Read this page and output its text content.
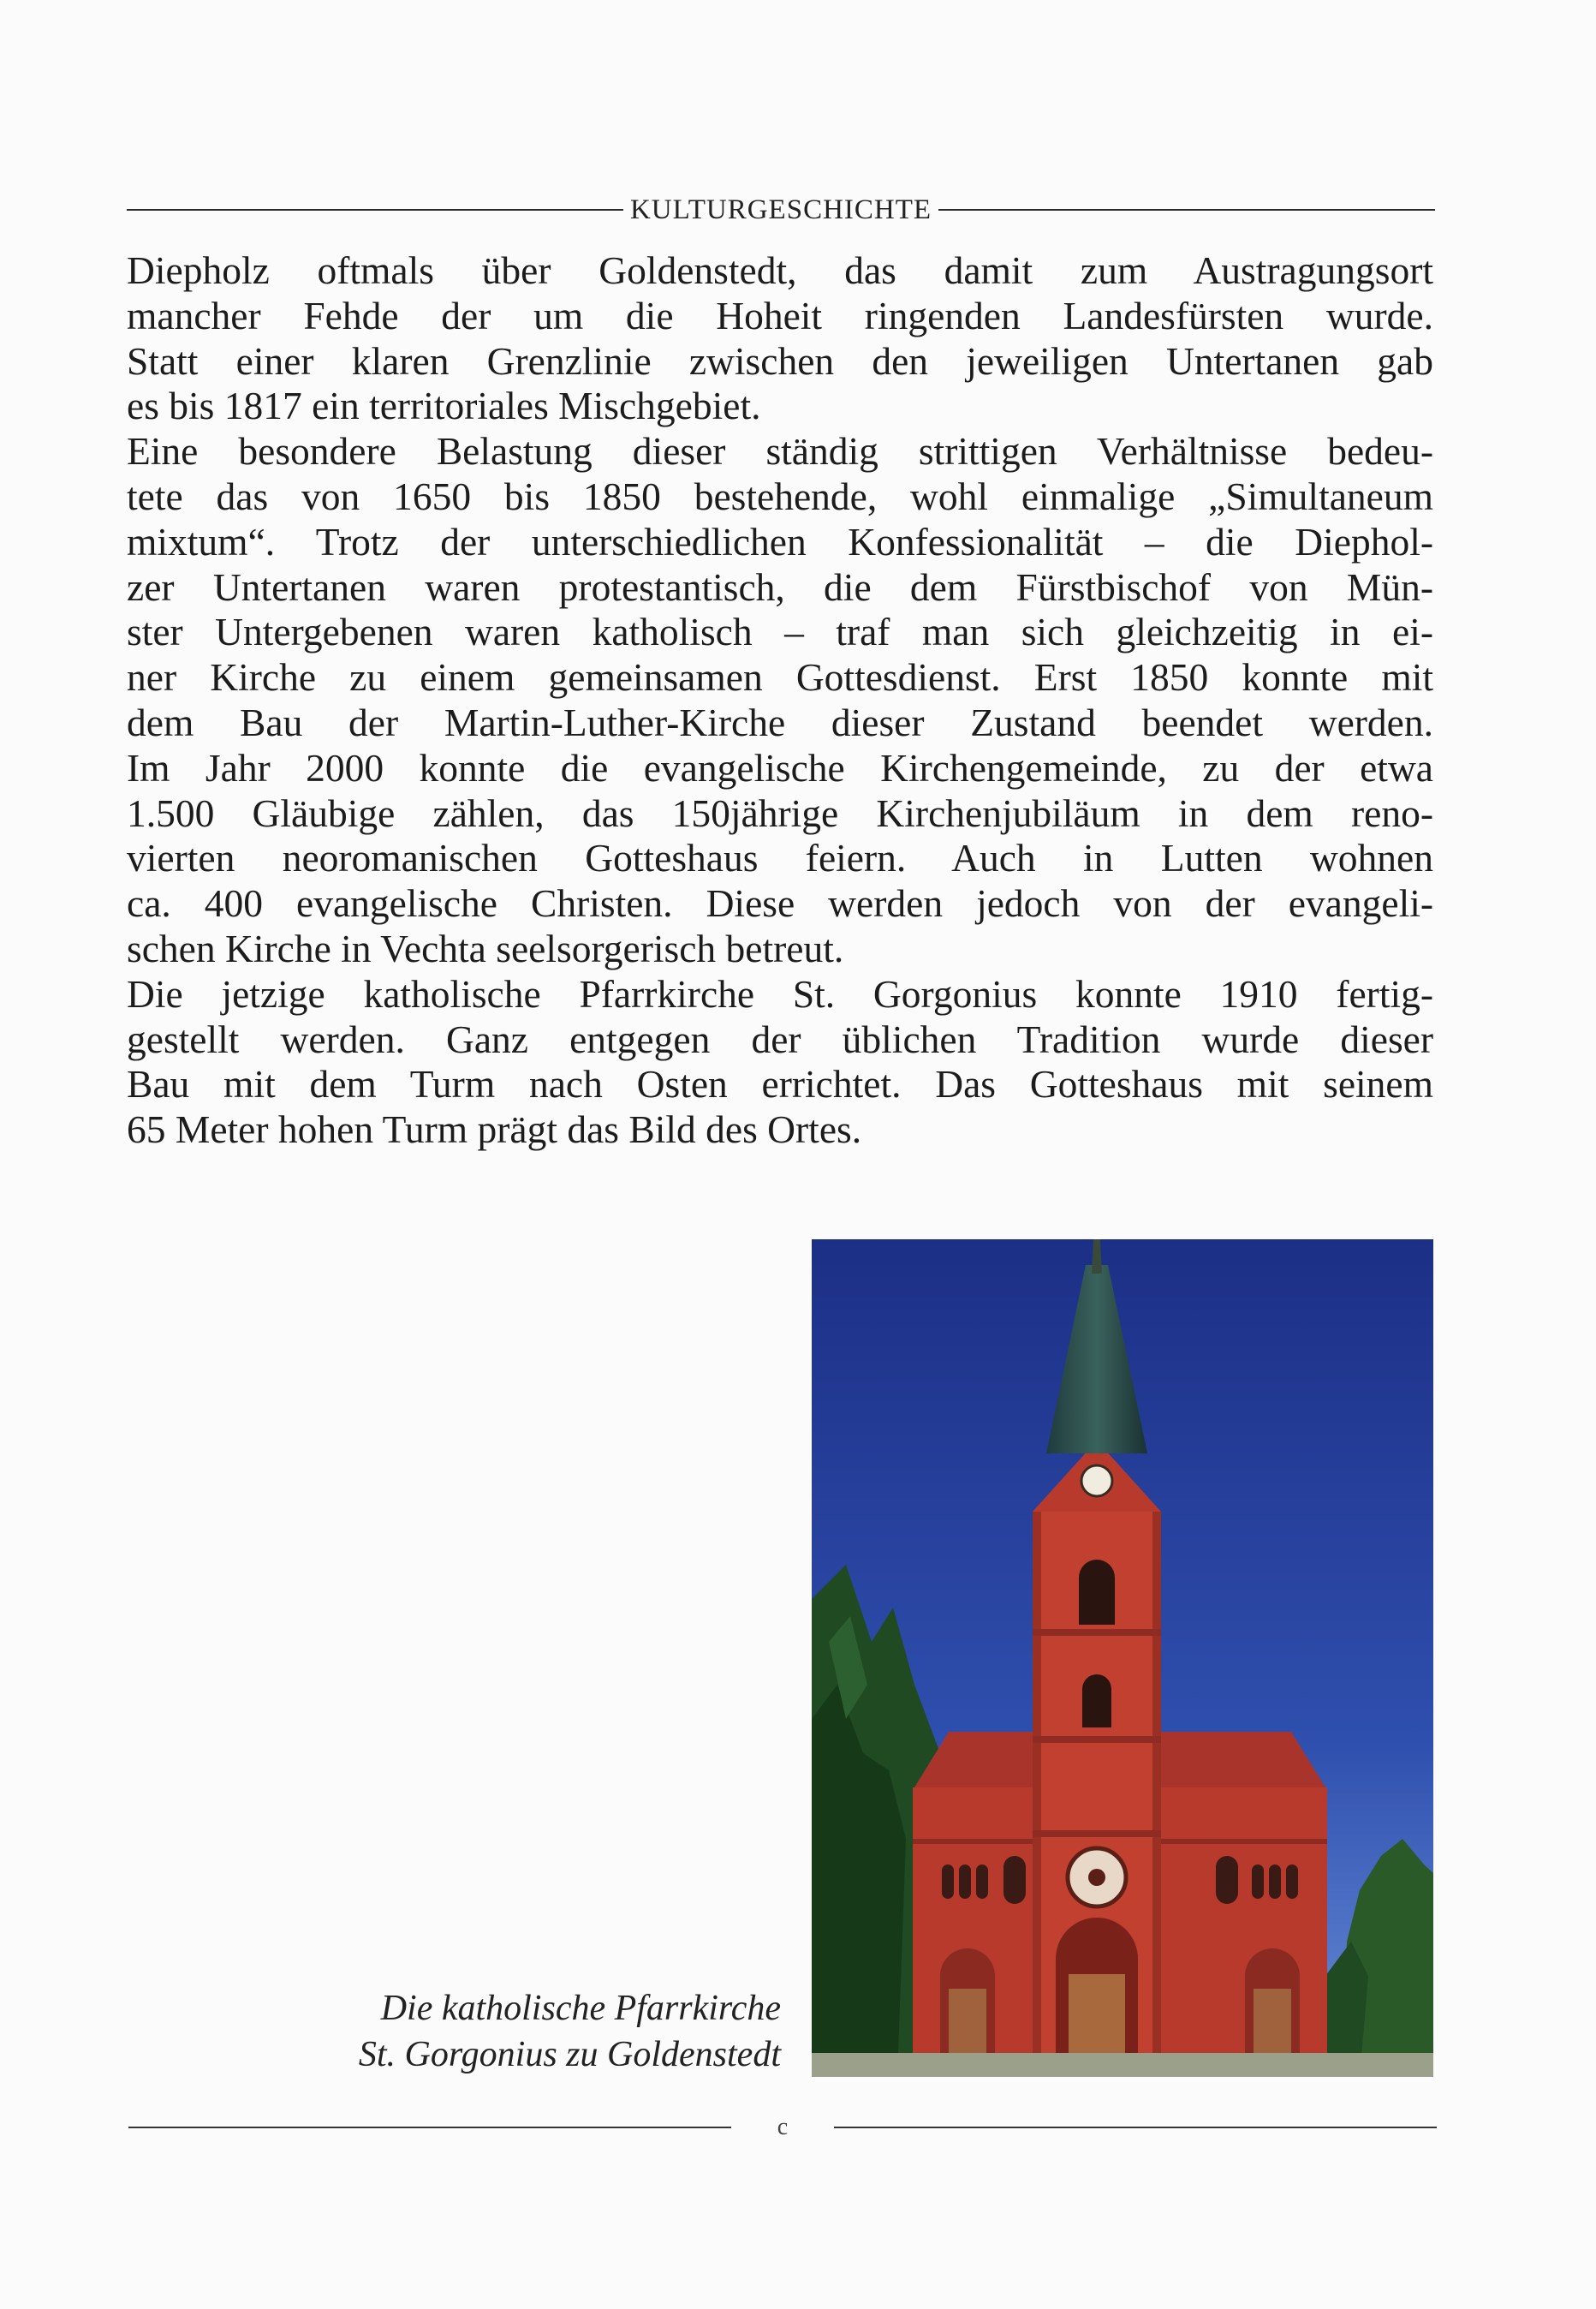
KULTURGESCHICHTE
Diepholz oftmals über Goldenstedt, das damit zum Austragungsort
mancher Fehde der um die Hoheit ringenden Landesfürsten wurde.
Statt einer klaren Grenzlinie zwischen den jeweiligen Untertanen gab
es bis 1817 ein territoriales Mischgebiet.
Eine besondere Belastung dieser ständig strittigen Verhältnisse bedeu-
tete das von 1650 bis 1850 bestehende, wohl einmalige „Simultaneum
mixtum“. Trotz der unterschiedlichen Konfessionalität – die Diephol-
zer Untertanen waren protestantisch, die dem Fürstbischof von Mün-
ster Untergebenen waren katholisch – traf man sich gleichzeitig in ei-
ner Kirche zu einem gemeinsamen Gottesdienst. Erst 1850 konnte mit
dem Bau der Martin-Luther-Kirche dieser Zustand beendet werden.
Im Jahr 2000 konnte die evangelische Kirchengemeinde, zu der etwa
1.500 Gläubige zählen, das 150jährige Kirchenjubiläum in dem reno-
vierten neoromanischen Gotteshaus feiern. Auch in Lutten wohnen
ca. 400 evangelische Christen. Diese werden jedoch von der evangeli-
schen Kirche in Vechta seelsorgerisch betreut.
Die jetzige katholische Pfarrkirche St. Gorgonius konnte 1910 fertig-
gestellt werden. Ganz entgegen der üblichen Tradition wurde dieser
Bau mit dem Turm nach Osten errichtet. Das Gotteshaus mit seinem
65 Meter hohen Turm prägt das Bild des Ortes.
Die katholische Pfarrkirche
St. Gorgonius zu Goldenstedt
c
